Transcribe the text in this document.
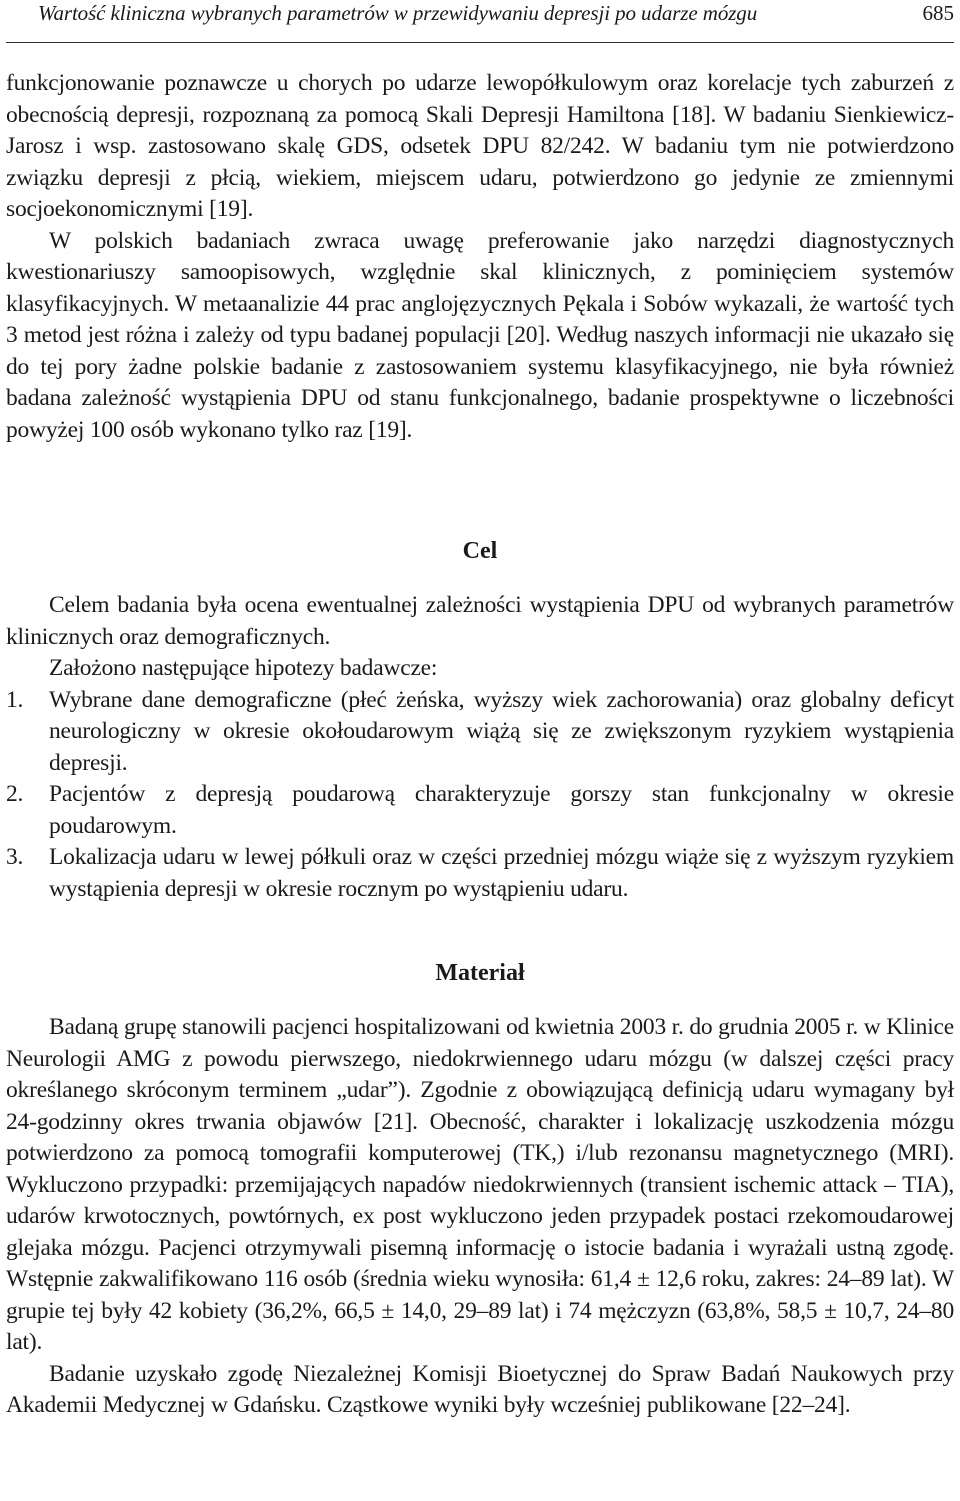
Wartość kliniczna wybranych parametrów w przewidywaniu depresji po udarze mózgu	685

funkcjonowanie poznawcze u chorych po udarze lewopółkulowym oraz korelacje tych zaburzeń z obecnością depresji, rozpoznaną za pomocą Skali Depresji Hamiltona [18]. W badaniu Sienkiewicz-Jarosz i wsp. zastosowano skalę GDS, odsetek DPU 82/242. W badaniu tym nie potwierdzono związku depresji z płcią, wiekiem, miejscem udaru, potwierdzono go jedynie ze zmiennymi socjoekonomicznymi [19].

W polskich badaniach zwraca uwagę preferowanie jako narzędzi diagnostycznych kwestionariuszy samoopisowych, względnie skal klinicznych, z pominięciem systemów klasyfikacyjnych. W metaanalizie 44 prac anglojęzycznych Pękala i Sobów wykazali, że wartość tych 3 metod jest różna i zależy od typu badanej populacji [20]. Według naszych informacji nie ukazało się do tej pory żadne polskie badanie z zastosowaniem systemu klasyfikacyjnego, nie była również badana zależność wystąpienia DPU od stanu funkcjonalnego, badanie prospektywne o liczebności powyżej 100 osób wykonano tylko raz [19].

Cel

Celem badania była ocena ewentualnej zależności wystąpienia DPU od wybranych parametrów klinicznych oraz demograficznych.

Założono następujące hipotezy badawcze:

1. Wybrane dane demograficzne (płeć żeńska, wyższy wiek zachorowania) oraz globalny deficyt neurologiczny w okresie okołoudarowym wiążą się ze zwiększonym ryzykiem wystąpienia depresji.
2. Pacjentów z depresją poudarową charakteryzuje gorszy stan funkcjonalny w okresie poudarowym.
3. Lokalizacja udaru w lewej półkuli oraz w części przedniej mózgu wiąże się z wyższym ryzykiem wystąpienia depresji w okresie rocznym po wystąpieniu udaru.
Materiał

Badaną grupę stanowili pacjenci hospitalizowani od kwietnia 2003 r. do grudnia 2005 r. w Klinice Neurologii AMG z powodu pierwszego, niedokrwiennego udaru mózgu (w dalszej części pracy określanego skróconym terminem „udar”). Zgodnie z obowiązującą definicją udaru wymagany był 24-godzinny okres trwania objawów [21]. Obecność, charakter i lokalizację uszkodzenia mózgu potwierdzono za pomocą tomografii komputerowej (TK,) i/lub rezonansu magnetycznego (MRI). Wykluczono przypadki: przemijających napadów niedokrwiennych (transient ischemic attack – TIA), udarów krwotocznych, powtórnych, ex post wykluczono jeden przypadek postaci rzekomoudarowej glejaka mózgu. Pacjenci otrzymywali pisemną informację o istocie badania i wyrażali ustną zgodę. Wstępnie zakwalifikowano 116 osób (średnia wieku wynosiła: 61,4 ± 12,6 roku, zakres: 24–89 lat). W grupie tej były 42 kobiety (36,2%, 66,5 ± 14,0, 29–89 lat) i 74 mężczyzn (63,8%, 58,5 ± 10,7, 24–80 lat).

Badanie uzyskało zgodę Niezależnej Komisji Bioetycznej do Spraw Badań Naukowych przy Akademii Medycznej w Gdańsku. Cząstkowe wyniki były wcześniej publikowane [22–24].
